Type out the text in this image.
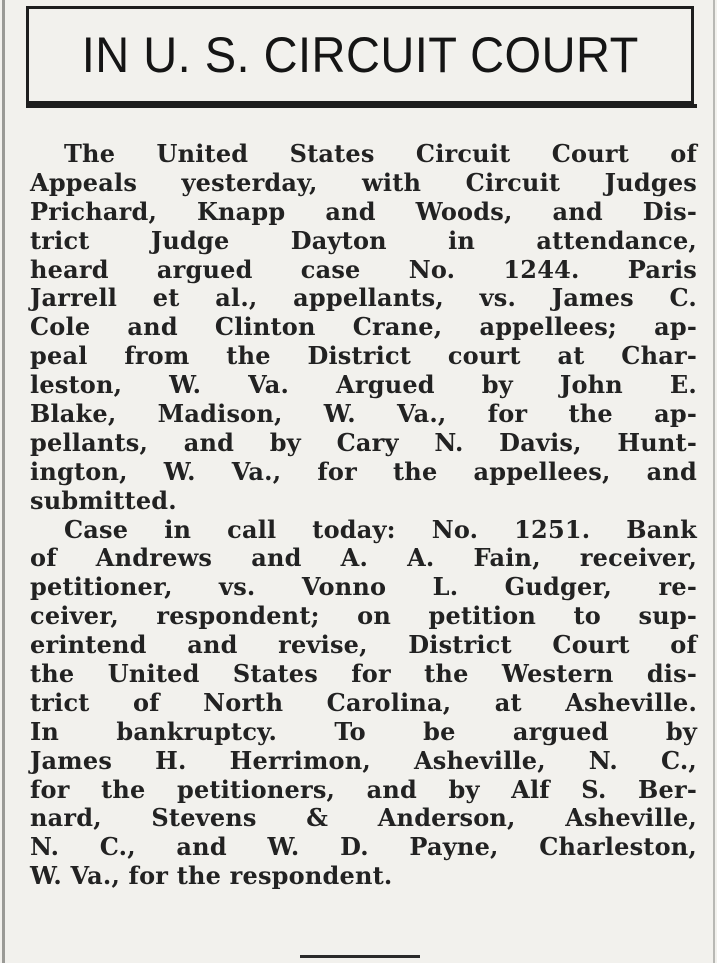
IN U. S. CIRCUIT COURT
The United States Circuit Court of
Appeals yesterday, with Circuit Judges
Prichard, Knapp and Woods, and Dis-
trict Judge Dayton in attendance,
heard argued case No. 1244. Paris
Jarrell et al., appellants, vs. James C.
Cole and Clinton Crane, appellees; ap-
peal from the District court at Char-
leston, W. Va. Argued by John E.
Blake, Madison, W. Va., for the ap-
pellants, and by Cary N. Davis, Hunt-
ington, W. Va., for the appellees, and
submitted.
Case in call today: No. 1251. Bank
of Andrews and A. A. Fain, receiver,
petitioner, vs. Vonno L. Gudger, re-
ceiver, respondent; on petition to sup-
erintend and revise, District Court of
the United States for the Western dis-
trict of North Carolina, at Asheville.
In bankruptcy. To be argued by
James H. Herrimon, Asheville, N. C.,
for the petitioners, and by Alf S. Ber-
nard, Stevens & Anderson, Asheville,
N. C., and W. D. Payne, Charleston,
W. Va., for the respondent.
